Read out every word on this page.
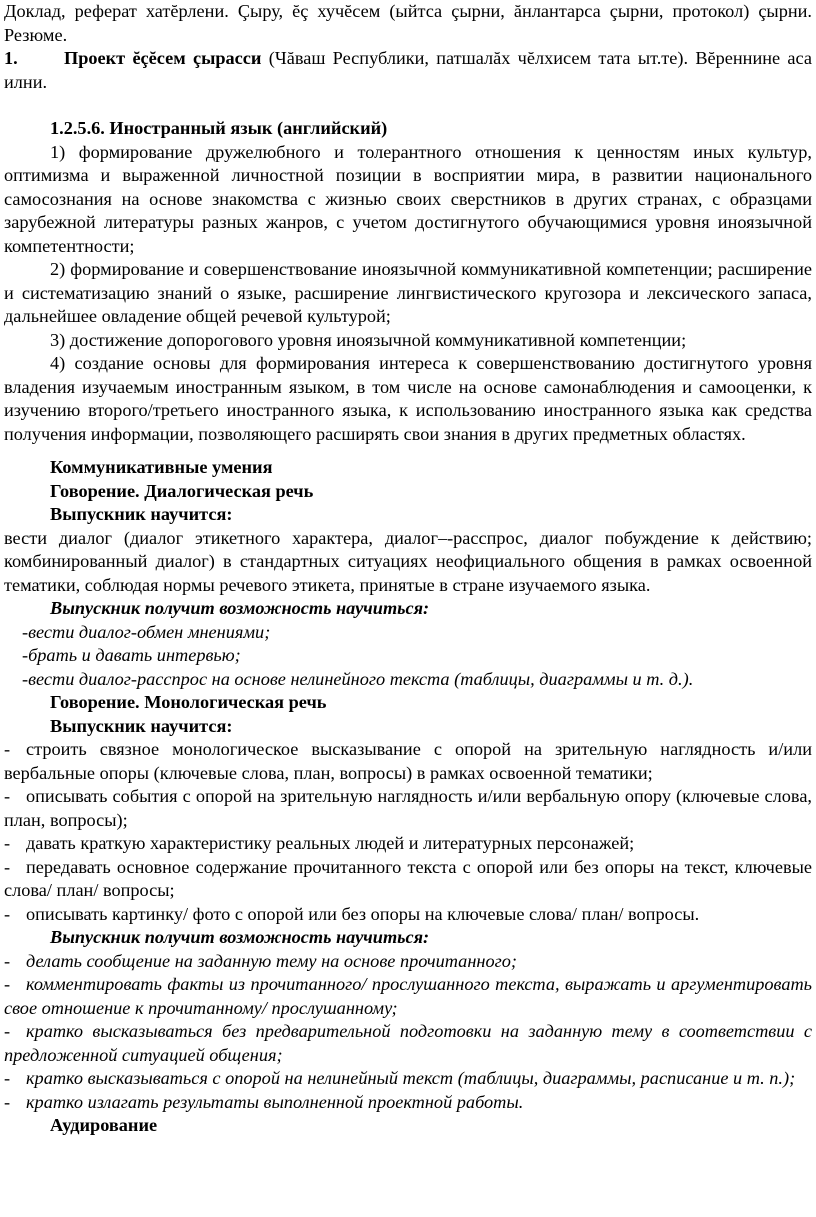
Доклад, реферат хатĕрлени. Çыру, ĕç хучĕсем (ыйтса çырни, ăнлантарса çырни, протокол) çырни. Резюме.

1.	Проект ĕçĕсем çырасси (Чăваш Республики, патшалăх чĕлхисем тата ыт.те). Вĕреннине аса илни.

1.2.5.6. Иностранный язык (английский)

1) формирование дружелюбного и толерантного отношения к ценностям иных культур, оптимизма и выраженной личностной позиции в восприятии мира, в развитии национального самосознания на основе знакомства с жизнью своих сверстников в других странах, с образцами зарубежной литературы разных жанров, с учетом достигнутого обучающимися уровня иноязычной компетентности;

2) формирование и совершенствование иноязычной коммуникативной компетенции; расширение и систематизацию знаний о языке, расширение лингвистического кругозора и лексического запаса, дальнейшее овладение общей речевой культурой;

3) достижение допорогового уровня иноязычной коммуникативной компетенции;

4) создание основы для формирования интереса к совершенствованию достигнутого уровня владения изучаемым иностранным языком, в том числе на основе самонаблюдения и самооценки, к изучению второго/третьего иностранного языка, к использованию иностранного языка как средства получения информации, позволяющего расширять свои знания в других предметных областях.

Коммуникативные умения

Говорение. Диалогическая речь

Выпускник научится:

вести диалог (диалог этикетного характера, диалог–-расспрос, диалог побуждение к действию; комбинированный диалог) в стандартных ситуациях неофициального общения в рамках освоенной тематики, соблюдая нормы речевого этикета, принятые в стране изучаемого языка.

Выпускник получит возможность научиться:

-вести диалог-обмен мнениями;

-брать и давать интервью;

-вести диалог-расспрос на основе нелинейного текста (таблицы, диаграммы и т. д.).

Говорение. Монологическая речь

Выпускник научится:

- строить связное монологическое высказывание с опорой на зрительную наглядность и/или вербальные опоры (ключевые слова, план, вопросы) в рамках освоенной тематики;

- описывать события с опорой на зрительную наглядность и/или вербальную опору (ключевые слова, план, вопросы);

- давать краткую характеристику реальных людей и литературных персонажей;

- передавать основное содержание прочитанного текста с опорой или без опоры на текст, ключевые слова/ план/ вопросы;

- описывать картинку/ фото с опорой или без опоры на ключевые слова/ план/ вопросы.

Выпускник получит возможность научиться:

- делать сообщение на заданную тему на основе прочитанного;

- комментировать факты из прочитанного/ прослушанного текста, выражать и аргументировать свое отношение к прочитанному/ прослушанному;

- кратко высказываться без предварительной подготовки на заданную тему в соответствии с предложенной ситуацией общения;

- кратко высказываться с опорой на нелинейный текст (таблицы, диаграммы, расписание и т. п.);

- кратко излагать результаты выполненной проектной работы.

Аудирование
